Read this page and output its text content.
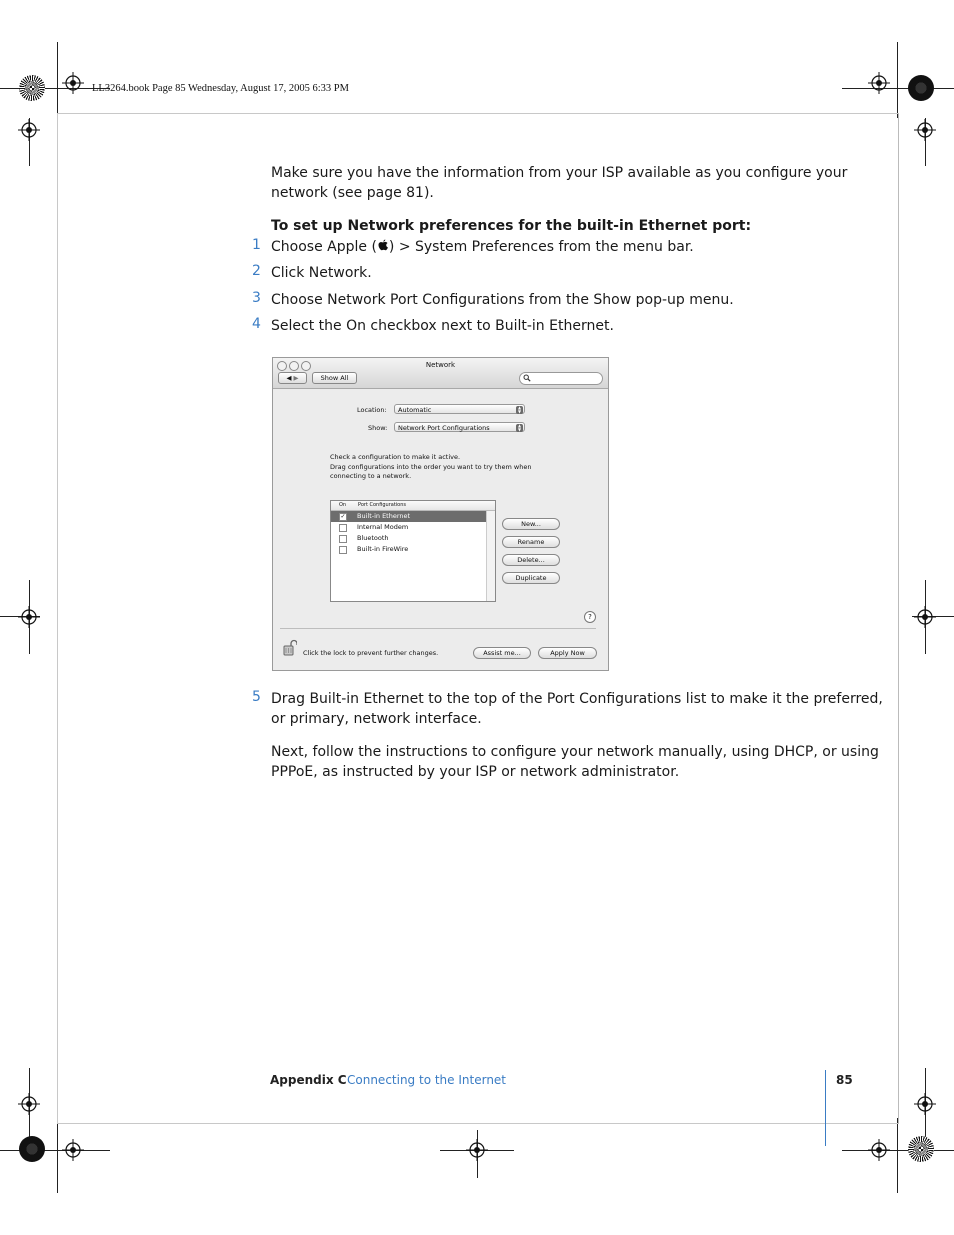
LL3264.book Page 85 Wednesday, August 17, 2005 6:33 PM
Make sure you have the information from your ISP available as you configure your
network (see page 81).
To set up Network preferences for the built-in Ethernet port:
1 Choose Apple ( ) > System Preferences from the menu bar.
2 Click Network.
3 Choose Network Port Configurations from the Show pop-up menu.
4 Select the On checkbox next to Built-in Ethernet.
Network
◀ ▶	Show All
Location:	Automatic	▲
▼
Show:	Network Port Configurations	▲
▼
Check a configuration to make it active.
Drag configurations into the order you want to try them when
connecting to a network.
On Port Configurations
✓ Built-in Ethernet
Internal Modem
Bluetooth
Built-in FireWire
New...
Rename
Delete...
Duplicate
?
Click the lock to prevent further changes.	Assist me...	Apply Now
5 Drag Built-in Ethernet to the top of the Port Configurations list to make it the preferred,
or primary, network interface.
Next, follow the instructions to configure your network manually, using DHCP, or using
PPPoE, as instructed by your ISP or network administrator.
Appendix C Connecting to the Internet	85
